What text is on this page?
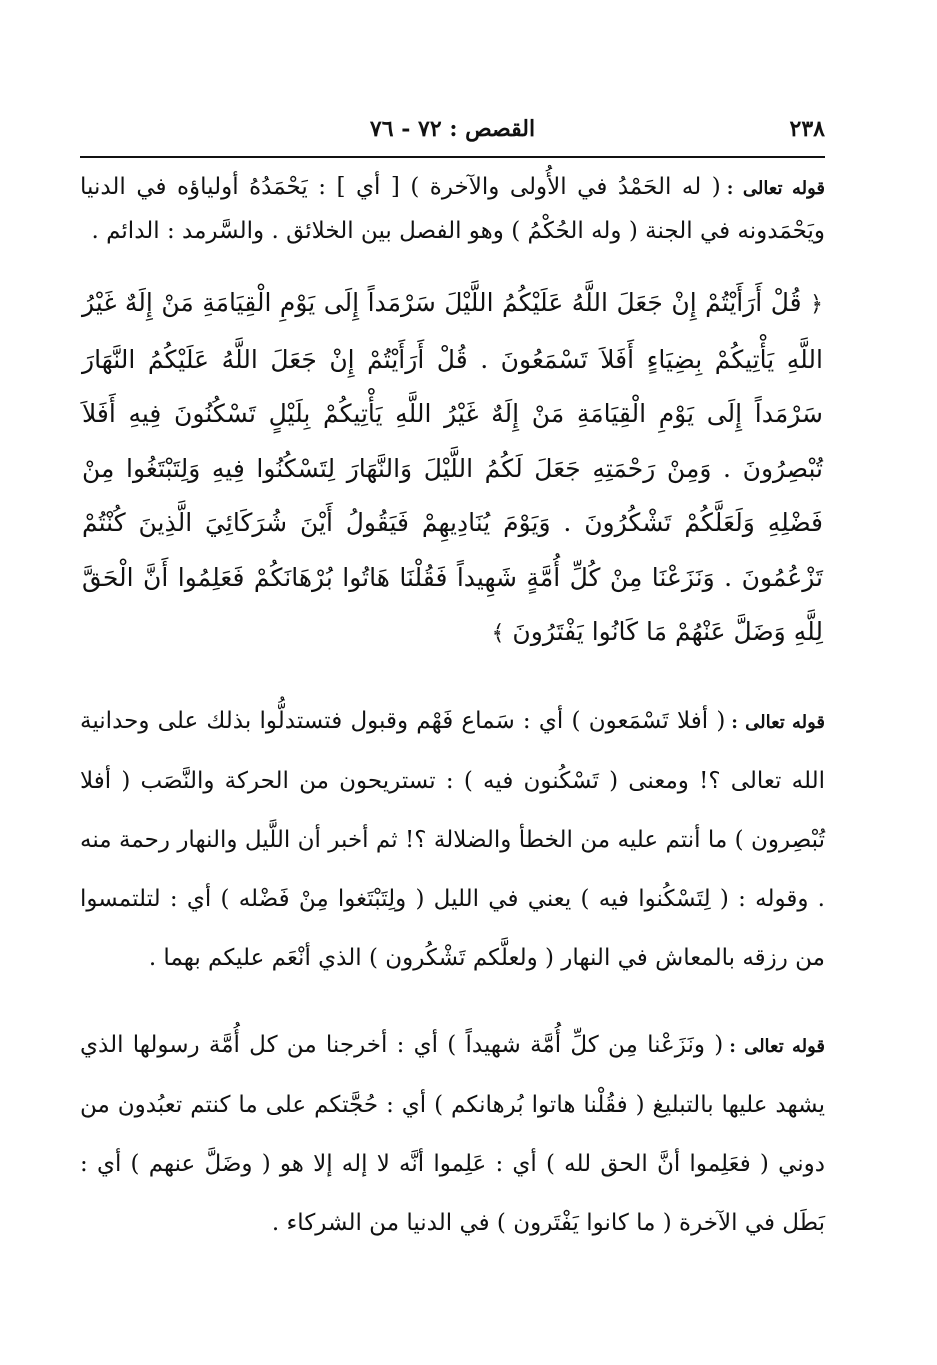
٢٣٨
القصص : ٧٢ - ٧٦

قوله تعالى :( له الحَمْدُ في الأُولى والآخرة ) [ أي ] : يَحْمَدُهُ أولياؤه في الدنيا ويَحْمَدونه في الجنة ( وله الحُكْمُ ) وهو الفصل بين الخلائق . والسَّرمد : الدائم .

﴿ قُلْ أَرَأَيْتُمْ إِنْ جَعَلَ اللَّهُ عَلَيْكُمُ اللَّيْلَ سَرْمَداً إِلَى يَوْمِ الْقِيَامَةِ مَنْ إِلَهٌ غَيْرُ اللَّهِ يَأْتِيكُمْ بِضِيَاءٍ أَفَلاَ تَسْمَعُونَ . قُلْ أَرَأَيْتُمْ إِنْ جَعَلَ اللَّهُ عَلَيْكُمُ النَّهَارَ سَرْمَداً إِلَى يَوْمِ الْقِيَامَةِ مَنْ إِلَهٌ غَيْرُ اللَّهِ يَأْتِيكُمْ بِلَيْلٍ تَسْكُنُونَ فِيهِ أَفَلاَ تُبْصِرُونَ . وَمِنْ رَحْمَتِهِ جَعَلَ لَكُمُ اللَّيْلَ وَالنَّهَارَ لِتَسْكُنُوا فِيهِ وَلِتَبْتَغُوا مِنْ فَضْلِهِ وَلَعَلَّكُمْ تَشْكُرُونَ . وَيَوْمَ يُنَادِيهِمْ فَيَقُولُ أَيْنَ شُرَكَائِيَ الَّذِينَ كُنْتُمْ تَزْعُمُونَ . وَنَزَعْنَا مِنْ كُلِّ أُمَّةٍ شَهِيداً فَقُلْنَا هَاتُوا بُرْهَانَكُمْ فَعَلِمُوا أَنَّ الْحَقَّ لِلَّهِ وَضَلَّ عَنْهُمْ مَا كَانُوا يَفْتَرُونَ ﴾

قوله تعالى :( أفلا تَسْمَعون ) أي : سَماع فَهْم وقبول فتستدلُّوا بذلك على وحدانية الله تعالى ؟! ومعنى ( تَسْكُنون فيه ) : تستريحون من الحركة والنَّصَب ( أفلا تُبْصِرون ) ما أنتم عليه من الخطأ والضلالة ؟! ثم أخبر أن اللَّيل والنهار رحمة منه . وقوله : ( لِتَسْكُنوا فيه ) يعني في الليل ( ولِتَبْتَغوا مِنْ فَضْله ) أي : لتلتمسوا من رزقه بالمعاش في النهار ( ولعلَّكم تَشْكُرون ) الذي أنْعَم عليكم بهما .

قوله تعالى :( ونَزَعْنا مِن كلِّ أُمَّة شهيداً ) أي : أخرجنا من كل أُمَّة رسولها الذي يشهد عليها بالتبليغ ( فقُلْنا هاتوا بُرهانكم ) أي : حُجَّتكم على ما كنتم تعبُدون من دوني ( فعَلِموا أنَّ الحق لله ) أي : عَلِموا أنَّه لا إله إلا هو ( وضَلَّ عنهم ) أي : بَطَل في الآخرة ( ما كانوا يَفْتَرون ) في الدنيا من الشركاء .
